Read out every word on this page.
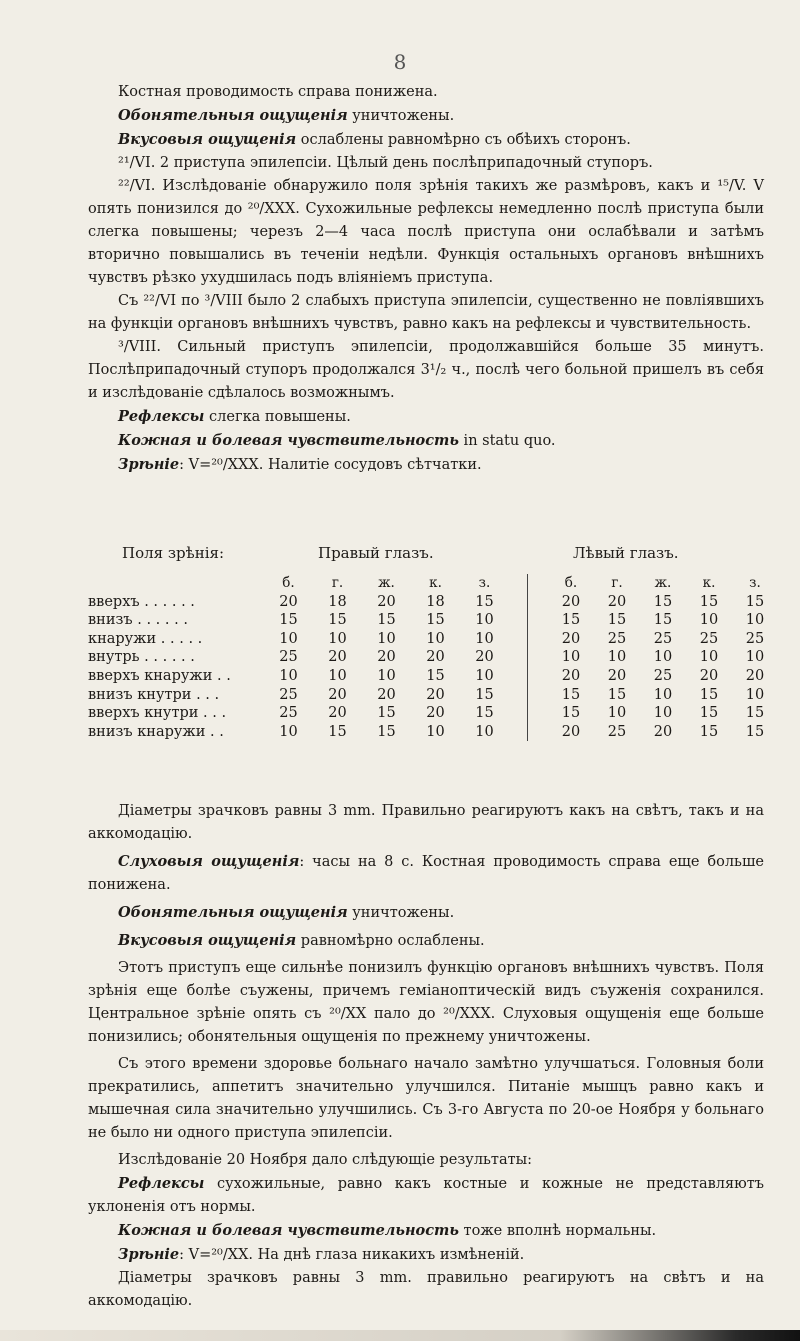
8

Костная проводимость справа понижена.

Обонятельныя ощущенія уничтожены.

Вкусовыя ощущенія ослаблены равномѣрно съ обѣихъ сторонъ.

²¹/VI. 2 приступа эпилепсіи. Цѣлый день послѣприпадочный ступоръ.

²²/VI. Изслѣдованіе обнаружило поля зрѣнія такихъ же размѣровъ, какъ и ¹⁵/V. V опять понизился до ²⁰/XXX. Сухожильные рефлексы немедленно послѣ приступа были слегка повышены; черезъ 2—4 часа послѣ приступа они ослабѣвали и затѣмъ вторично повышались въ теченіи недѣли. Функція остальныхъ органовъ внѣшнихъ чувствъ рѣзко ухудшилась подъ вліяніемъ приступа.

Съ ²²/VI по ³/VIII было 2 слабыхъ приступа эпилепсіи, существенно не повліявшихъ на функціи органовъ внѣшнихъ чувствъ, равно какъ на рефлексы и чувствительность.

³/VIII. Сильный приступъ эпилепсіи, продолжавшійся больше 35 минутъ. Послѣприпадочный ступоръ продолжался 3¹/₂ ч., послѣ чего больной пришелъ въ себя и изслѣдованіе сдѣлалось возможнымъ.

Рефлексы слегка повышены.

Кожная и болевая чувствительность in statu quo.

Зрѣніе: V=²⁰/XXX. Налитіе сосудовъ сѣтчатки.

Поля зрѣнія:	Правый глазъ.	Лѣвый глазъ.
	б.	г.	ж.	к.	з.			б.	г.	ж.	к.	з.
вверхъ . . . . . .	20	18	20	18	15			20	20	15	15	15
внизъ . . . . . .	15	15	15	15	10			15	15	15	10	10
кнаружи . . . . .	10	10	10	10	10			20	25	25	25	25
внутрь . . . . . .	25	20	20	20	20			10	10	10	10	10
вверхъ кнаружи . .	10	10	10	15	10			20	20	25	20	20
внизъ кнутри . . .	25	20	20	20	15			15	15	10	15	10
вверхъ кнутри . . .	25	20	15	20	15			15	10	10	15	15
внизъ кнаружи . .	10	15	15	10	10			20	25	20	15	15

Діаметры зрачковъ равны 3 mm. Правильно реагируютъ какъ на свѣтъ, такъ и на аккомодацію.

Слуховыя ощущенія: часы на 8 с. Костная проводимость справа еще больше понижена.

Обонятельныя ощущенія уничтожены.

Вкусовыя ощущенія равномѣрно ослаблены.

Этотъ приступъ еще сильнѣе понизилъ функцію органовъ внѣшнихъ чувствъ. Поля зрѣнія еще болѣе съужены, причемъ геміаноптическій видъ съуженія сохранился. Центральное зрѣніе опять съ ²⁰/XX пало до ²⁰/XXX. Слуховыя ощущенія еще больше понизились; обонятельныя ощущенія по прежнему уничтожены.

Съ этого времени здоровье больнаго начало замѣтно улучшаться. Головныя боли прекратились, аппетитъ значительно улучшился. Питаніе мышцъ равно какъ и мышечная сила значительно улучшились. Съ 3-го Августа по 20-ое Ноября у больнаго не было ни одного приступа эпилепсіи.

Изслѣдованіе 20 Ноября дало слѣдующіе результаты:

Рефлексы сухожильные, равно какъ костные и кожные не представляютъ уклоненія отъ нормы.

Кожная и болевая чувствительность тоже вполнѣ нормальны.

Зрѣніе: V=²⁰/XX. На днѣ глаза никакихъ измѣненій.

Діаметры зрачковъ равны 3 mm. правильно реагируютъ на свѣтъ и на аккомодацію.
